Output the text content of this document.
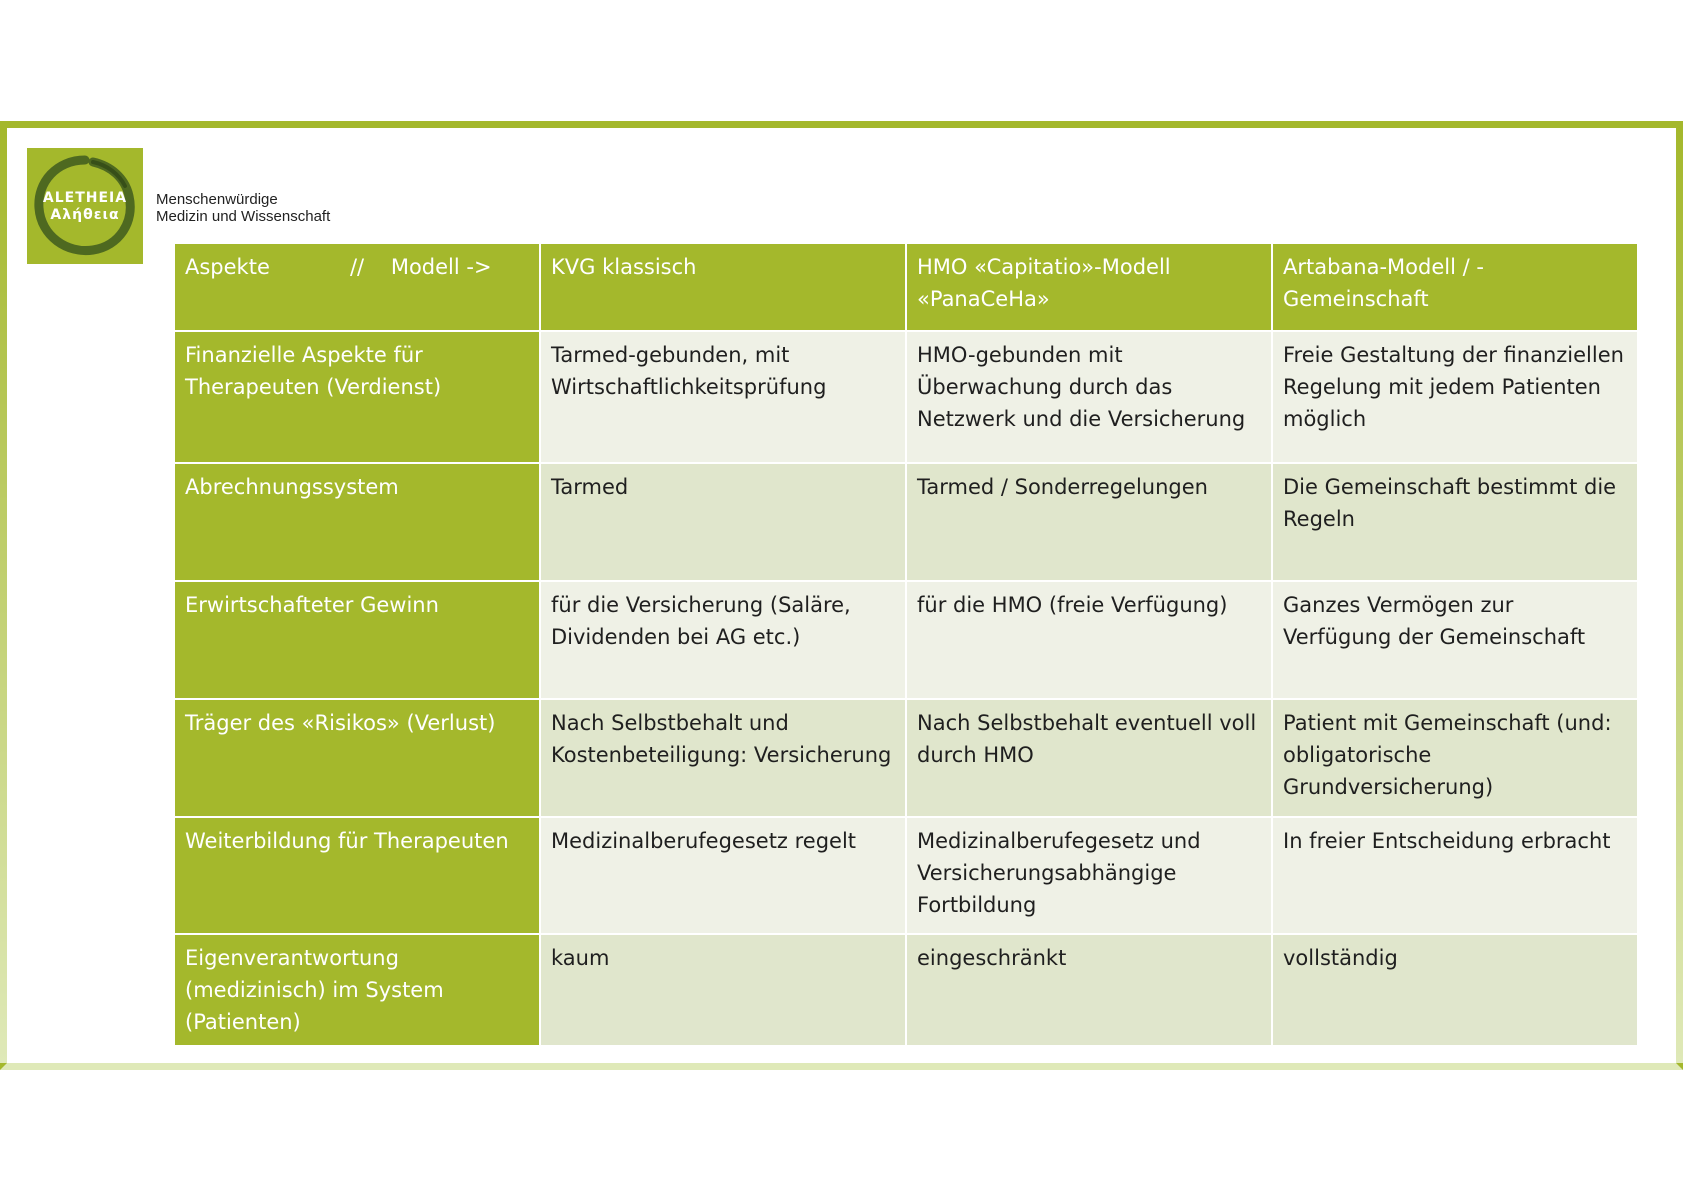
ALETHEIA
Αλήθεια
Menschenwürdige
Medizin und Wissenschaft
Aspekte            //    Modell ->	KVG klassisch	HMO «Capitatio»-Modell «PanaCeHa»	Artabana-Modell / - Gemeinschaft
Finanzielle Aspekte für Therapeuten (Verdienst)	Tarmed-gebunden, mit Wirtschaftlichkeitsprüfung	HMO-gebunden mit Überwachung durch das Netzwerk und die Versicherung	Freie Gestaltung der finanziellen Regelung mit jedem Patienten möglich
Abrechnungssystem	Tarmed	Tarmed / Sonderregelungen	Die Gemeinschaft bestimmt die Regeln
Erwirtschafteter Gewinn	für die Versicherung (Saläre, Dividenden bei AG etc.)	für die HMO (freie Verfügung)	Ganzes Vermögen zur Verfügung der Gemeinschaft
Träger des «Risikos» (Verlust)	Nach Selbstbehalt und Kostenbeteiligung: Versicherung	Nach Selbstbehalt eventuell voll durch HMO	Patient mit Gemeinschaft (und: obligatorische Grundversicherung)
Weiterbildung für Therapeuten	Medizinalberufegesetz regelt	Medizinalberufegesetz und Versicherungsabhängige Fortbildung	In freier Entscheidung erbracht
Eigenverantwortung (medizinisch) im System (Patienten)	kaum	eingeschränkt	vollständig
